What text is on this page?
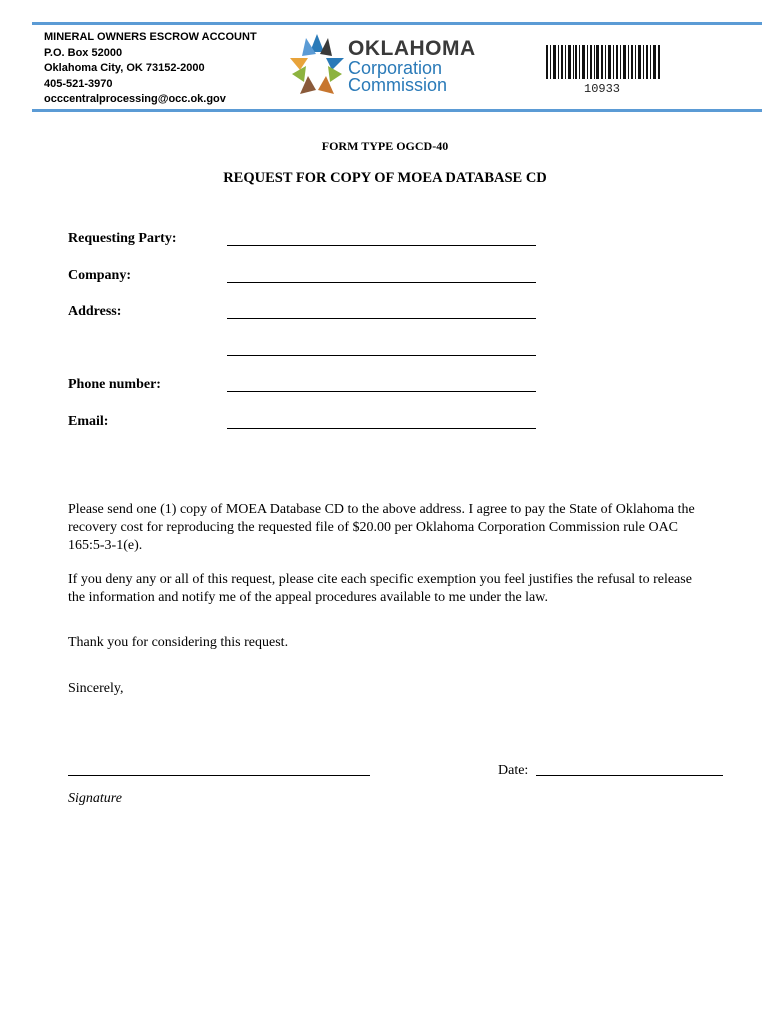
MINERAL OWNERS ESCROW ACCOUNT
P.O. Box 52000
Oklahoma City, OK 73152-2000
405-521-3970
occcentralprocessing@occ.ok.gov
OKLAHOMA
Corporation
Commission	10933
FORM TYPE OGCD-40
REQUEST FOR COPY OF MOEA DATABASE CD
Requesting Party:
Company:
Address:
Phone number:
Email:
Please send one (1) copy of MOEA Database CD to the above address. I agree to pay the State of Oklahoma the recovery cost for reproducing the requested file of $20.00 per Oklahoma Corporation Commission rule OAC 165:5-3-1(e).
If you deny any or all of this request, please cite each specific exemption you feel justifies the refusal to release the information and notify me of the appeal procedures available to me under the law.
Thank you for considering this request.
Sincerely,
Date:
Signature
